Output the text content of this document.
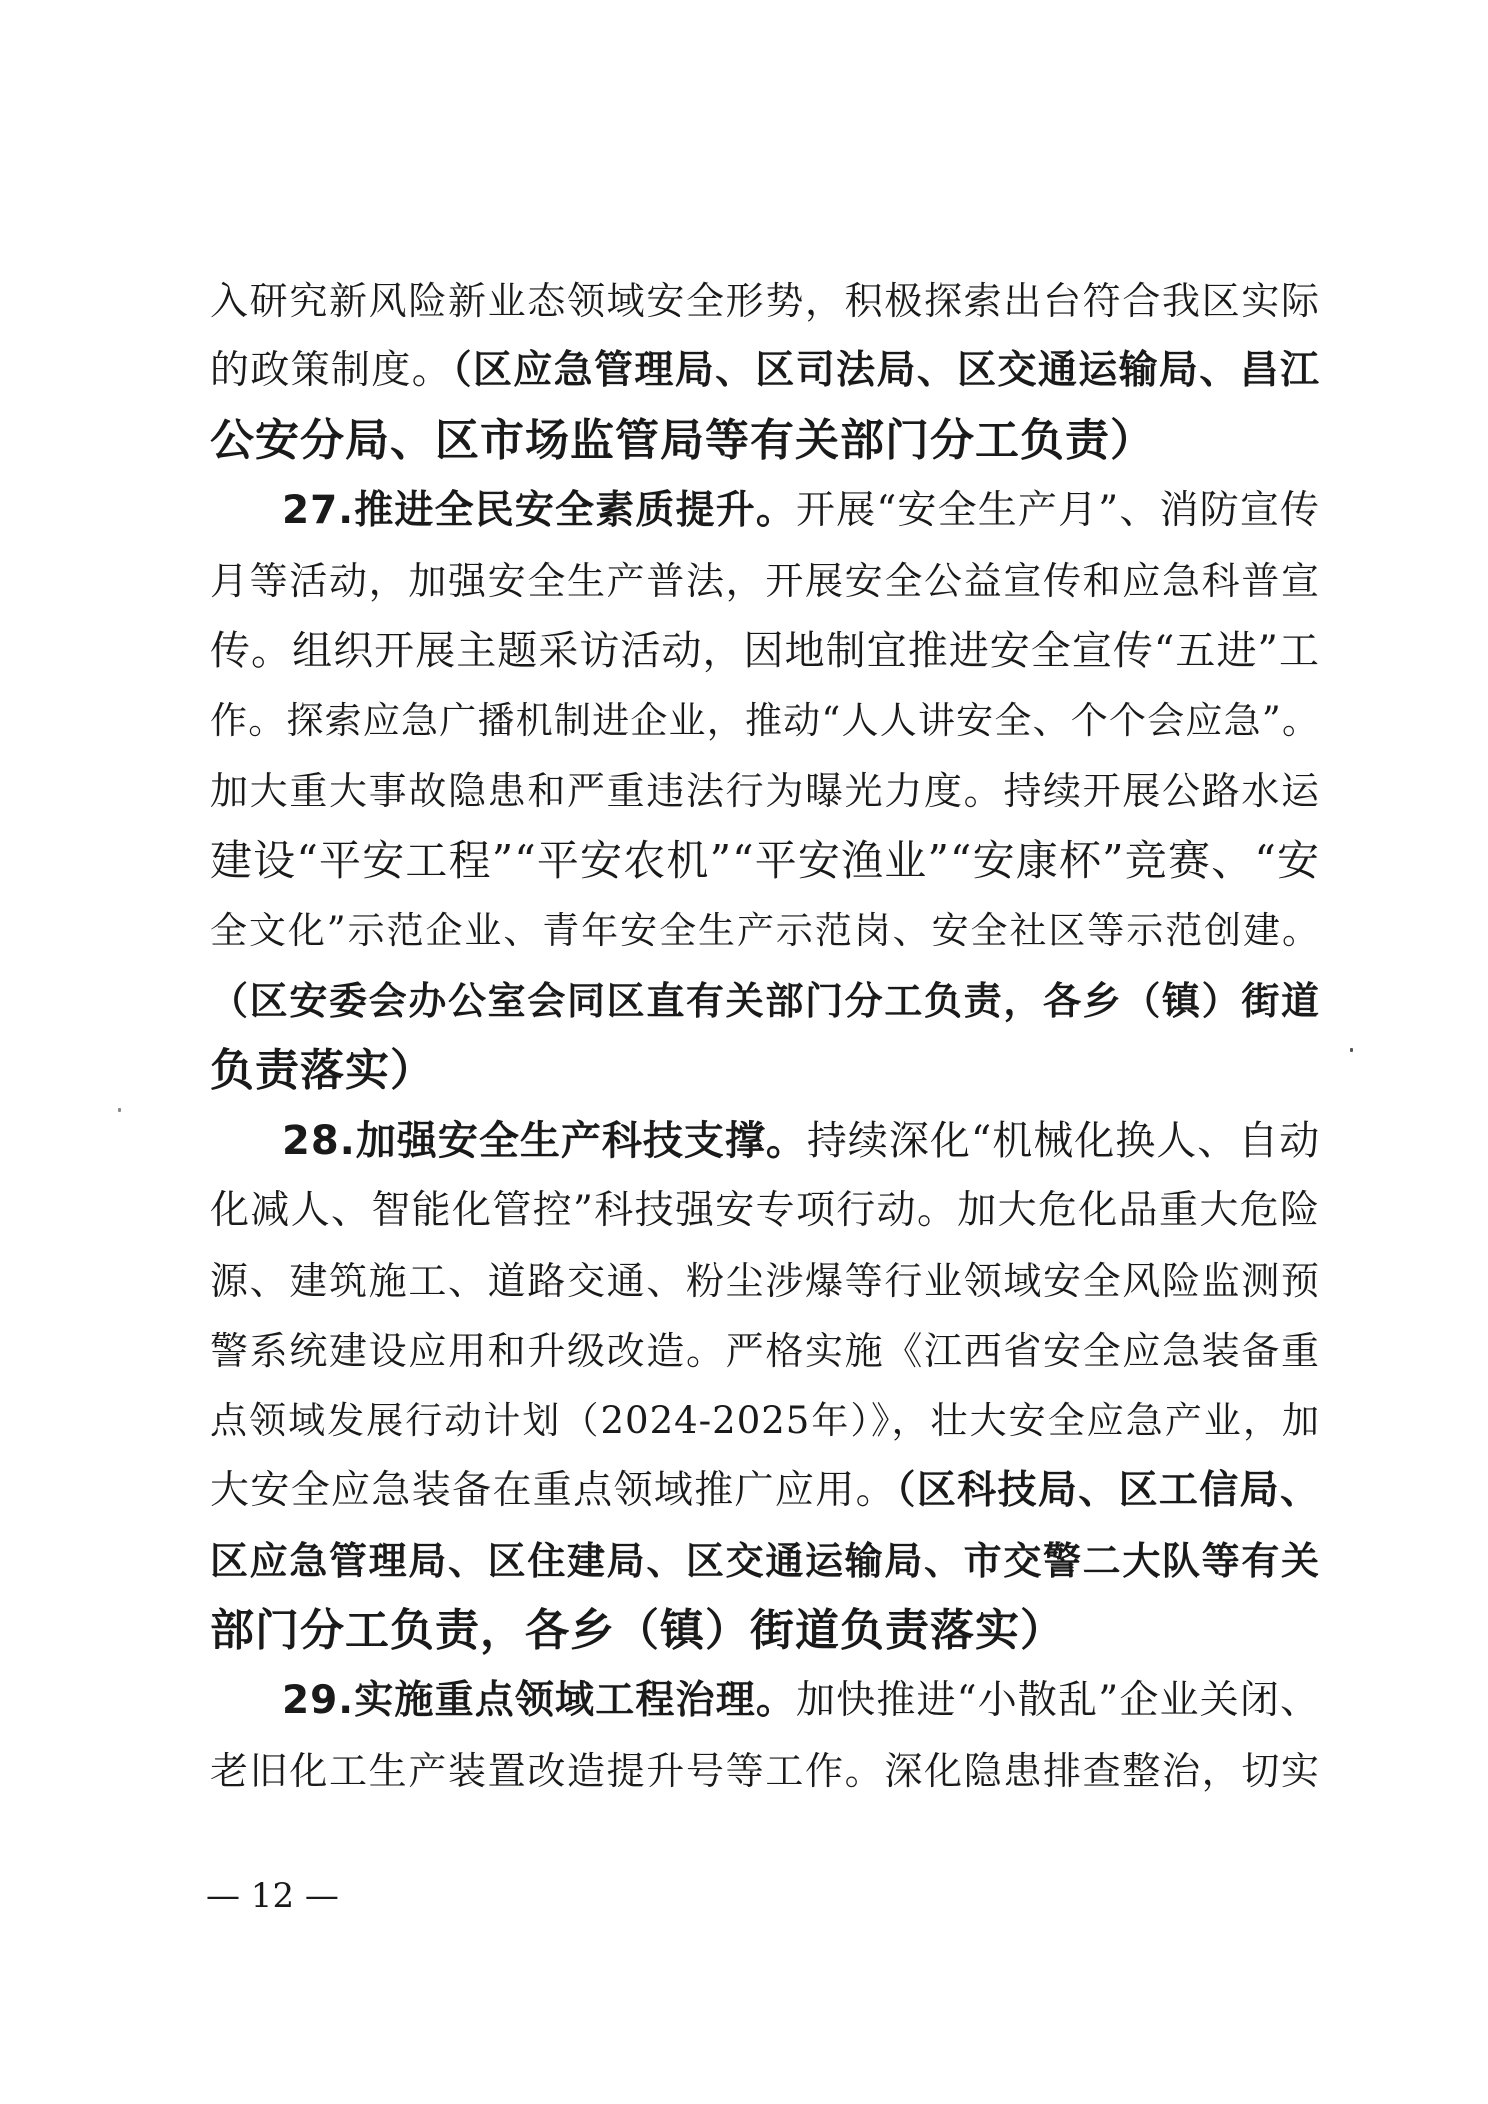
入研究新风险新业态领域安全形势，积极探索出台符合我区实际
的政策制度。（区应急管理局、区司法局、区交通运输局、昌江
公安分局、区市场监管局等有关部门分工负责）
27.推进全民安全素质提升。开展“安全生产月”、消防宣传
月等活动，加强安全生产普法，开展安全公益宣传和应急科普宣
传。组织开展主题采访活动，因地制宜推进安全宣传“五进”工
作。探索应急广播机制进企业，推动“人人讲安全、个个会应急”。
加大重大事故隐患和严重违法行为曝光力度。持续开展公路水运
建设“平安工程”“平安农机”“平安渔业”“安康杯”竞赛、“安
全文化”示范企业、青年安全生产示范岗、安全社区等示范创建。
（区安委会办公室会同区直有关部门分工负责，各乡（镇）街道
负责落实）
28.加强安全生产科技支撑。持续深化“机械化换人、自动
化减人、智能化管控”科技强安专项行动。加大危化品重大危险
源、建筑施工、道路交通、粉尘涉爆等行业领域安全风险监测预
警系统建设应用和升级改造。严格实施《江西省安全应急装备重
点领域发展行动计划（2024-2025年）》，壮大安全应急产业，加
大安全应急装备在重点领域推广应用。（区科技局、区工信局、
区应急管理局、区住建局、区交通运输局、市交警二大队等有关
部门分工负责，各乡（镇）街道负责落实）
29.实施重点领域工程治理。加快推进“小散乱”企业关闭、
老旧化工生产装置改造提升号等工作。深化隐患排查整治，切实
— 12 —
